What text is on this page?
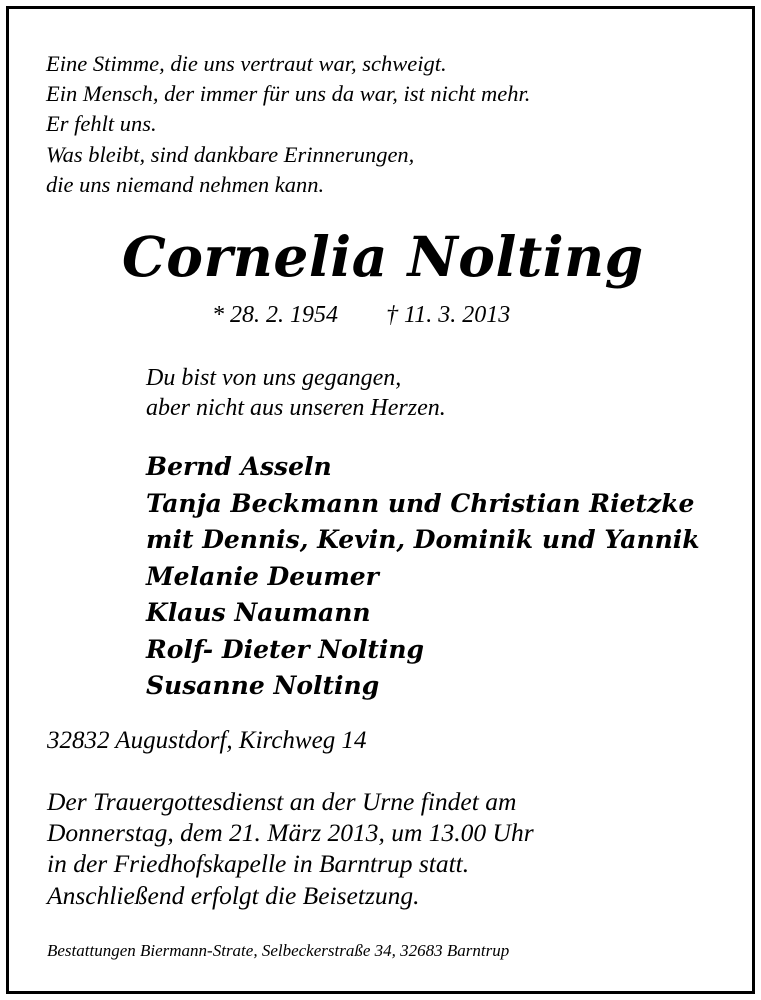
Eine Stimme, die uns vertraut war, schweigt.
Ein Mensch, der immer für uns da war, ist nicht mehr.
Er fehlt uns.
Was bleibt, sind dankbare Erinnerungen,
die uns niemand nehmen kann.
Cornelia Nolting
* 28. 2. 1954 † 11. 3. 2013
Du bist von uns gegangen,
aber nicht aus unseren Herzen.
Bernd Asseln
Tanja Beckmann und Christian Rietzke
mit Dennis, Kevin, Dominik und Yannik
Melanie Deumer
Klaus Naumann
Rolf- Dieter Nolting
Susanne Nolting
32832 Augustdorf, Kirchweg 14
Der Trauergottesdienst an der Urne findet am
Donnerstag, dem 21. März 2013, um 13.00 Uhr
in der Friedhofskapelle in Barntrup statt.
Anschließend erfolgt die Beisetzung.
Bestattungen Biermann-Strate, Selbeckerstraße 34, 32683 Barntrup
